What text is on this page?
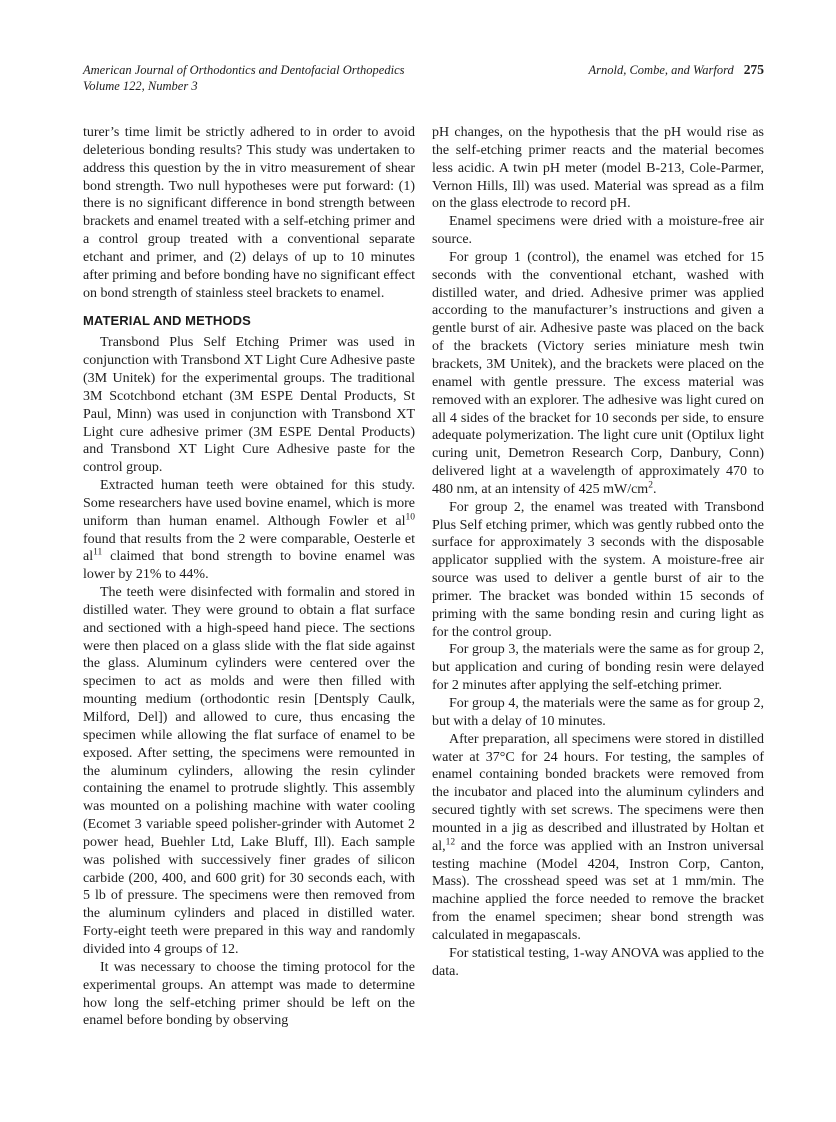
American Journal of Orthodontics and Dentofacial Orthopedics
Volume 122, Number 3
Arnold, Combe, and Warford 275

turer’s time limit be strictly adhered to in order to avoid deleterious bonding results? This study was undertaken to address this question by the in vitro measurement of shear bond strength. Two null hypotheses were put forward: (1) there is no significant difference in bond strength between brackets and enamel treated with a self-etching primer and a control group treated with a conventional separate etchant and primer, and (2) delays of up to 10 minutes after priming and before bonding have no significant effect on bond strength of stainless steel brackets to enamel.

MATERIAL AND METHODS

Transbond Plus Self Etching Primer was used in conjunction with Transbond XT Light Cure Adhesive paste (3M Unitek) for the experimental groups. The traditional 3M Scotchbond etchant (3M ESPE Dental Products, St Paul, Minn) was used in conjunction with Transbond XT Light cure adhesive primer (3M ESPE Dental Products) and Transbond XT Light Cure Adhesive paste for the control group.

Extracted human teeth were obtained for this study. Some researchers have used bovine enamel, which is more uniform than human enamel. Although Fowler et $al^{10}$ found that results from the 2 were comparable, Oesterle et $al^{11}$ claimed that bond strength to bovine enamel was lower by 21% to 44%.

The teeth were disinfected with formalin and stored in distilled water. They were ground to obtain a flat surface and sectioned with a high-speed hand piece. The sections were then placed on a glass slide with the flat side against the glass. Aluminum cylinders were centered over the specimen to act as molds and were then filled with mounting medium (orthodontic resin [Dentsply Caulk, Milford, Del]) and allowed to cure, thus encasing the specimen while allowing the flat surface of enamel to be exposed. After setting, the specimens were remounted in the aluminum cylinders, allowing the resin cylinder containing the enamel to protrude slightly. This assembly was mounted on a polishing machine with water cooling (Ecomet 3 variable speed polisher-grinder with Automet 2 power head, Buehler Ltd, Lake Bluff, Ill). Each sample was polished with successively finer grades of silicon carbide (200, 400, and 600 grit) for 30 seconds each, with 5 lb of pressure. The specimens were then removed from the aluminum cylinders and placed in distilled water. Forty-eight teeth were prepared in this way and randomly divided into 4 groups of 12.

It was necessary to choose the timing protocol for the experimental groups. An attempt was made to determine how long the self-etching primer should be left on the enamel before bonding by observing

pH changes, on the hypothesis that the pH would rise as the self-etching primer reacts and the material becomes less acidic. A twin pH meter (model B-213, Cole-Parmer, Vernon Hills, Ill) was used. Material was spread as a film on the glass electrode to record pH.

Enamel specimens were dried with a moisture-free air source.

For group 1 (control), the enamel was etched for 15 seconds with the conventional etchant, washed with distilled water, and dried. Adhesive primer was applied according to the manufacturer’s instructions and given a gentle burst of air. Adhesive paste was placed on the back of the brackets (Victory series miniature mesh twin brackets, 3M Unitek), and the brackets were placed on the enamel with gentle pressure. The excess material was removed with an explorer. The adhesive was light cured on all 4 sides of the bracket for 10 seconds per side, to ensure adequate polymerization. The light cure unit (Optilux light curing unit, Demetron Research Corp, Danbury, Conn) delivered light at a wavelength of approximately 470 to 480 nm, at an intensity of 425 $mW/cm^2$.

For group 2, the enamel was treated with Transbond Plus Self etching primer, which was gently rubbed onto the surface for approximately 3 seconds with the disposable applicator supplied with the system. A moisture-free air source was used to deliver a gentle burst of air to the primer. The bracket was bonded within 15 seconds of priming with the same bonding resin and curing light as for the control group.

For group 3, the materials were the same as for group 2, but application and curing of bonding resin were delayed for 2 minutes after applying the self-etching primer.

For group 4, the materials were the same as for group 2, but with a delay of 10 minutes.

After preparation, all specimens were stored in distilled water at 37°C for 24 hours. For testing, the samples of enamel containing bonded brackets were removed from the incubator and placed into the aluminum cylinders and secured tightly with set screws. The specimens were then mounted in a jig as described and illustrated by Holtan et al,$^{12}$ and the force was applied with an Instron universal testing machine (Model 4204, Instron Corp, Canton, Mass). The crosshead speed was set at 1 mm/min. The machine applied the force needed to remove the bracket from the enamel specimen; shear bond strength was calculated in megapascals.

For statistical testing, 1-way ANOVA was applied to the data.
